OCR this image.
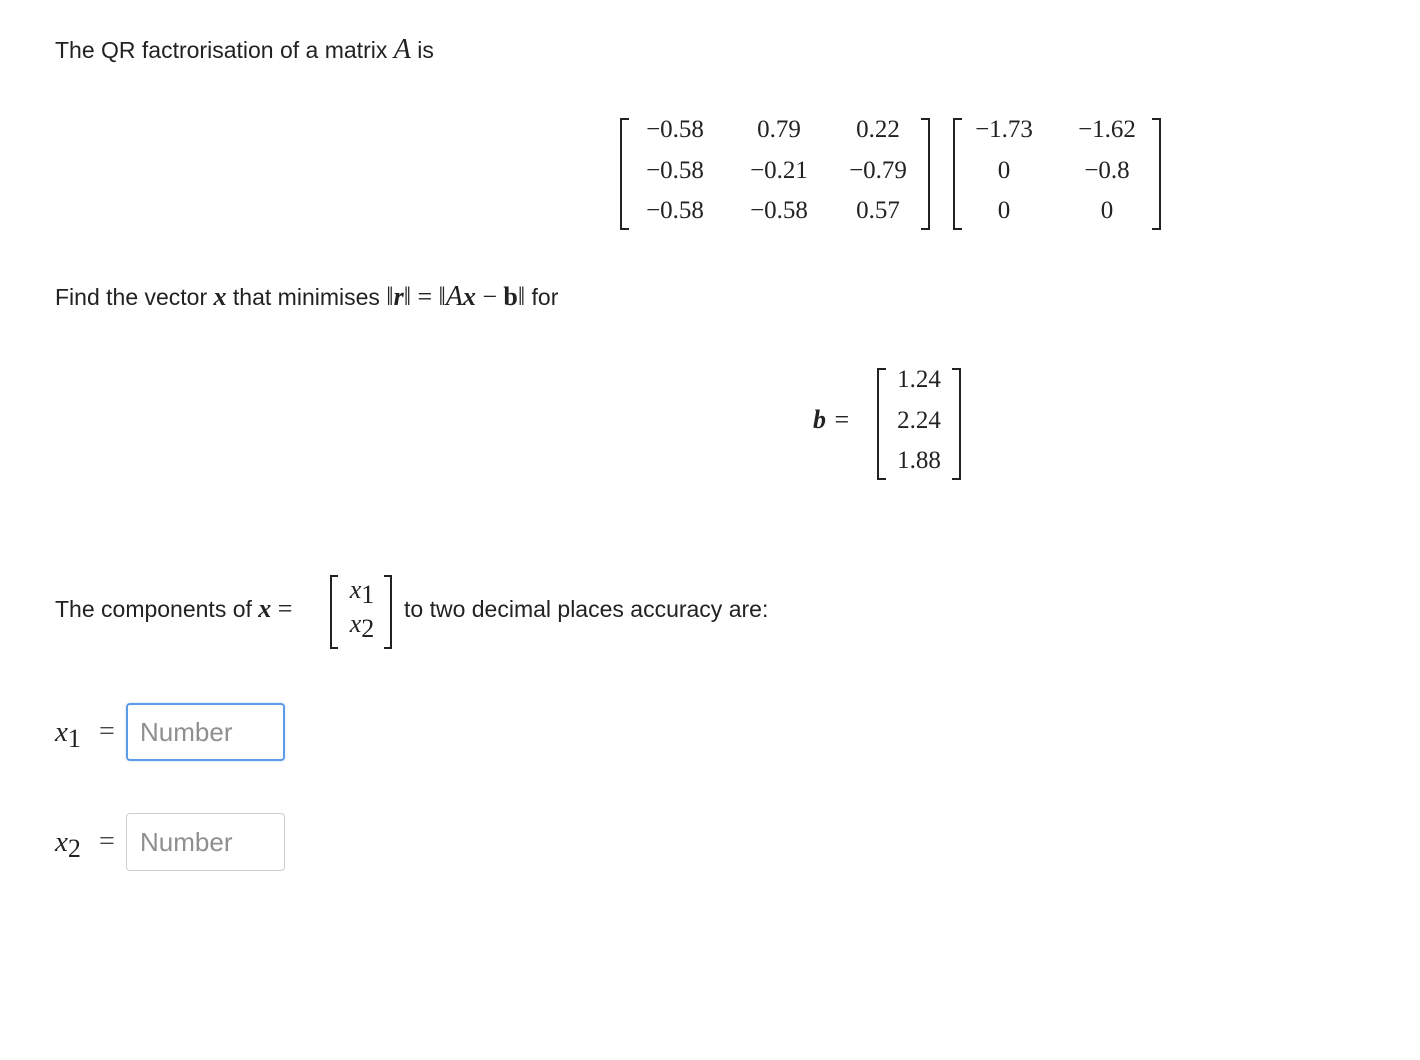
The QR factrorisation of a matrix A is
−0.58	0.79	0.22
−0.58	−0.21	−0.79
−0.58	−0.58	0.57
−1.73	−1.62
0	−0.8
0	0
Find the vector x that minimises ‖r‖ = ‖Ax − b‖ for
b =
1.24
2.24
1.88
The components of x =
x1
x2
to two decimal places accuracy are:
x1 =
Number
x2 =
Number
